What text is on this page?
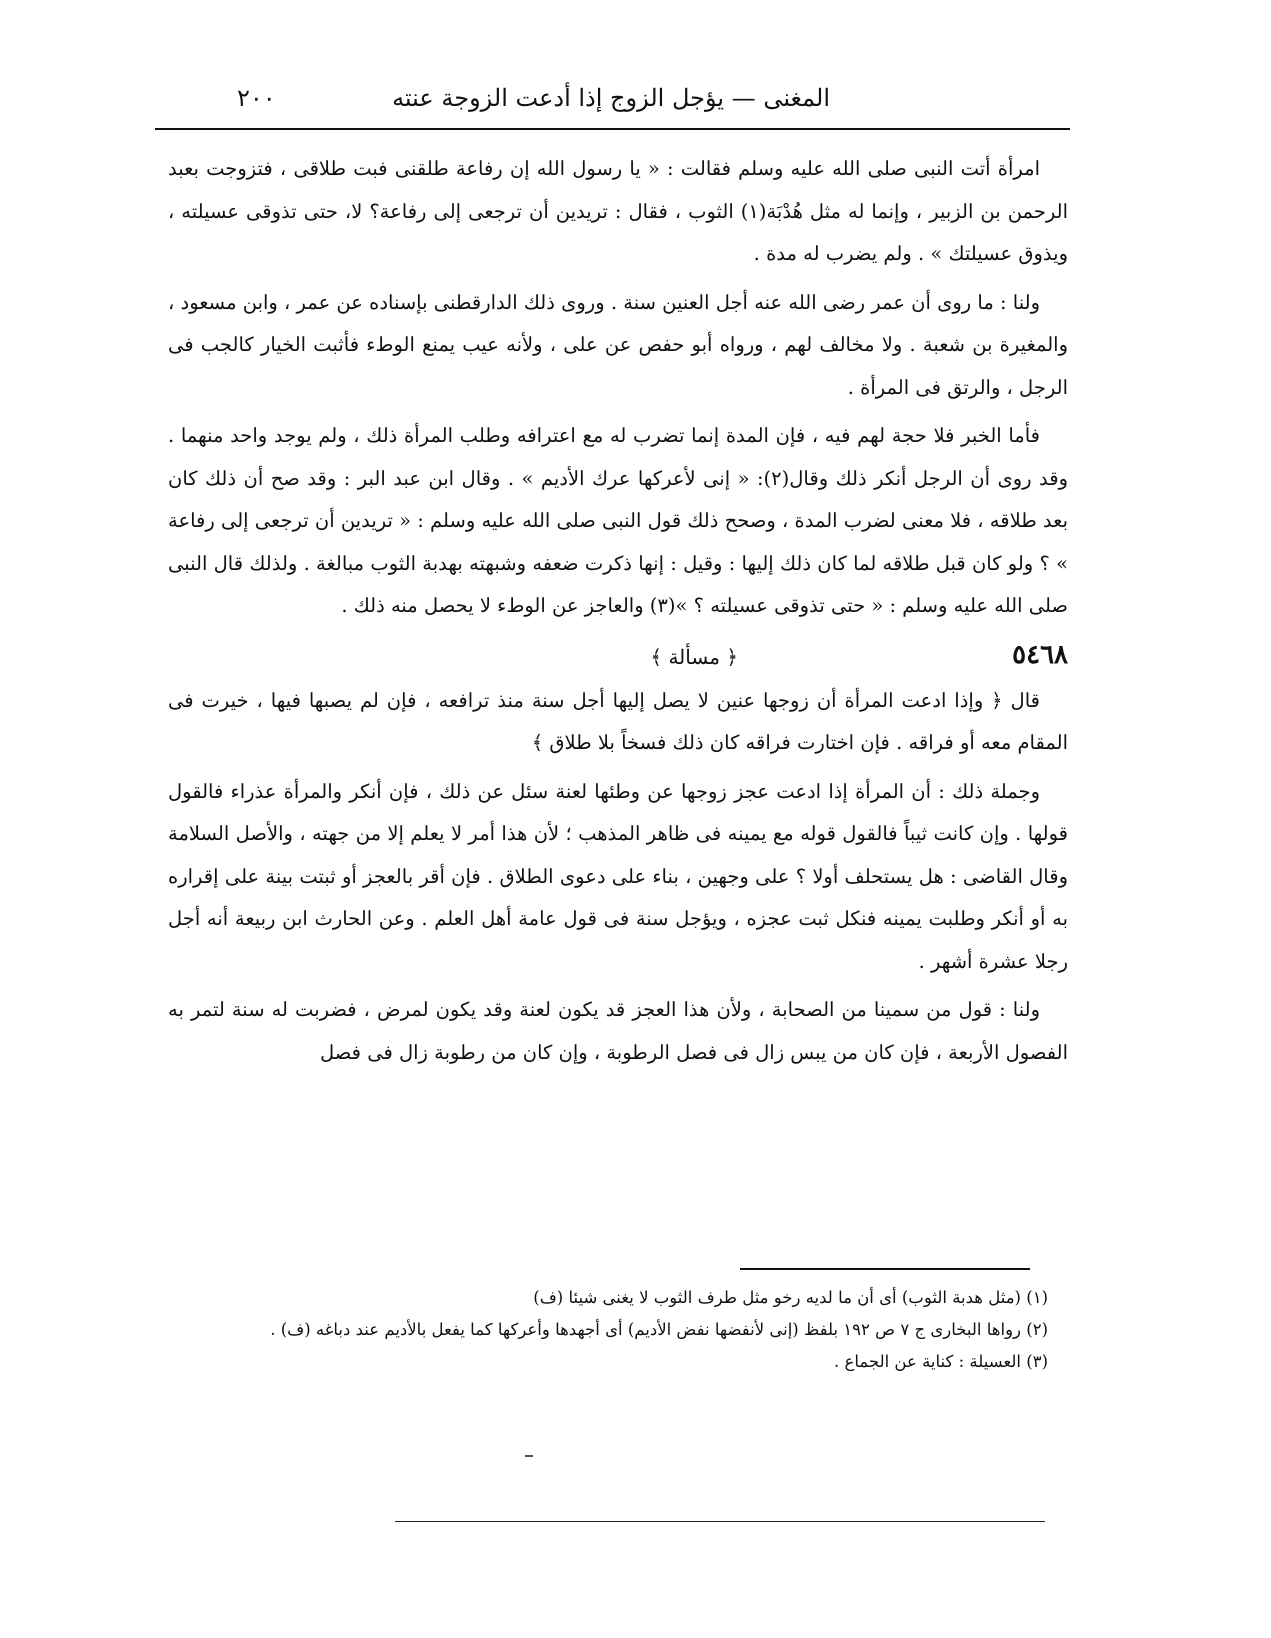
المغنى — يؤجل الزوج إذا أدعت الزوجة عنته
٢٠٠

امرأة أتت النبى صلى الله عليه وسلم فقالت : « يا رسول الله إن رفاعة طلقنى فبت طلاقى ، فتزوجت بعبد الرحمن بن الزبير ، وإنما له مثل هُدْبَة(١) الثوب ، فقال : تريدين أن ترجعى إلى رفاعة؟ لا، حتى تذوقى عسيلته ، ويذوق عسيلتك » . ولم يضرب له مدة .

ولنا : ما روى أن عمر رضى الله عنه أجل العنين سنة . وروى ذلك الدارقطنى بإسناده عن عمر ، وابن مسعود ، والمغيرة بن شعبة . ولا مخالف لهم ، ورواه أبو حفص عن على ، ولأنه عيب يمنع الوطء فأثبت الخيار كالجب فى الرجل ، والرتق فى المرأة .

فأما الخبر فلا حجة لهم فيه ، فإن المدة إنما تضرب له مع اعترافه وطلب المرأة ذلك ، ولم يوجد واحد منهما . وقد روى أن الرجل أنكر ذلك وقال(٢): « إنى لأعركها عرك الأديم » . وقال ابن عبد البر : وقد صح أن ذلك كان بعد طلاقه ، فلا معنى لضرب المدة ، وصحح ذلك قول النبى صلى الله عليه وسلم : « تريدين أن ترجعى إلى رفاعة » ؟ ولو كان قبل طلاقه لما كان ذلك إليها : وقيل : إنها ذكرت ضعفه وشبهته بهدبة الثوب مبالغة . ولذلك قال النبى صلى الله عليه وسلم : « حتى تذوقى عسيلته ؟ »(٣) والعاجز عن الوطء لا يحصل منه ذلك .

٥٤٦٨
﴿ مسألة ﴾

قال ﴿ وإذا ادعت المرأة أن زوجها عنين لا يصل إليها أجل سنة منذ ترافعه ، فإن لم يصبها فيها ، خيرت فى المقام معه أو فراقه . فإن اختارت فراقه كان ذلك فسخاً بلا طلاق ﴾

وجملة ذلك : أن المرأة إذا ادعت عجز زوجها عن وطئها لعنة سئل عن ذلك ، فإن أنكر والمرأة عذراء فالقول قولها . وإن كانت ثيباً فالقول قوله مع يمينه فى ظاهر المذهب ؛ لأن هذا أمر لا يعلم إلا من جهته ، والأصل السلامة وقال القاضى : هل يستحلف أولا ؟ على وجهين ، بناء على دعوى الطلاق . فإن أقر بالعجز أو ثبتت بينة على إقراره به أو أنكر وطلبت يمينه فنكل ثبت عجزه ، ويؤجل سنة فى قول عامة أهل العلم . وعن الحارث ابن ربيعة أنه أجل رجلا عشرة أشهر .

ولنا : قول من سمينا من الصحابة ، ولأن هذا العجز قد يكون لعنة وقد يكون لمرض ، فضربت له سنة لتمر به الفصول الأربعة ، فإن كان من يبس زال فى فصل الرطوبة ، وإن كان من رطوبة زال فى فصل

(١) (مثل هدبة الثوب) أى أن ما لديه رخو مثل طرف الثوب لا يغنى شيئا (ف)

(٢) رواها البخارى ج ٧ ص ١٩٢ بلفظ (إنى لأنفضها نفض الأديم) أى أجهدها وأعركها كما يفعل بالأديم عند دباغه (ف) .

(٣) العسيلة : كناية عن الجماع .
